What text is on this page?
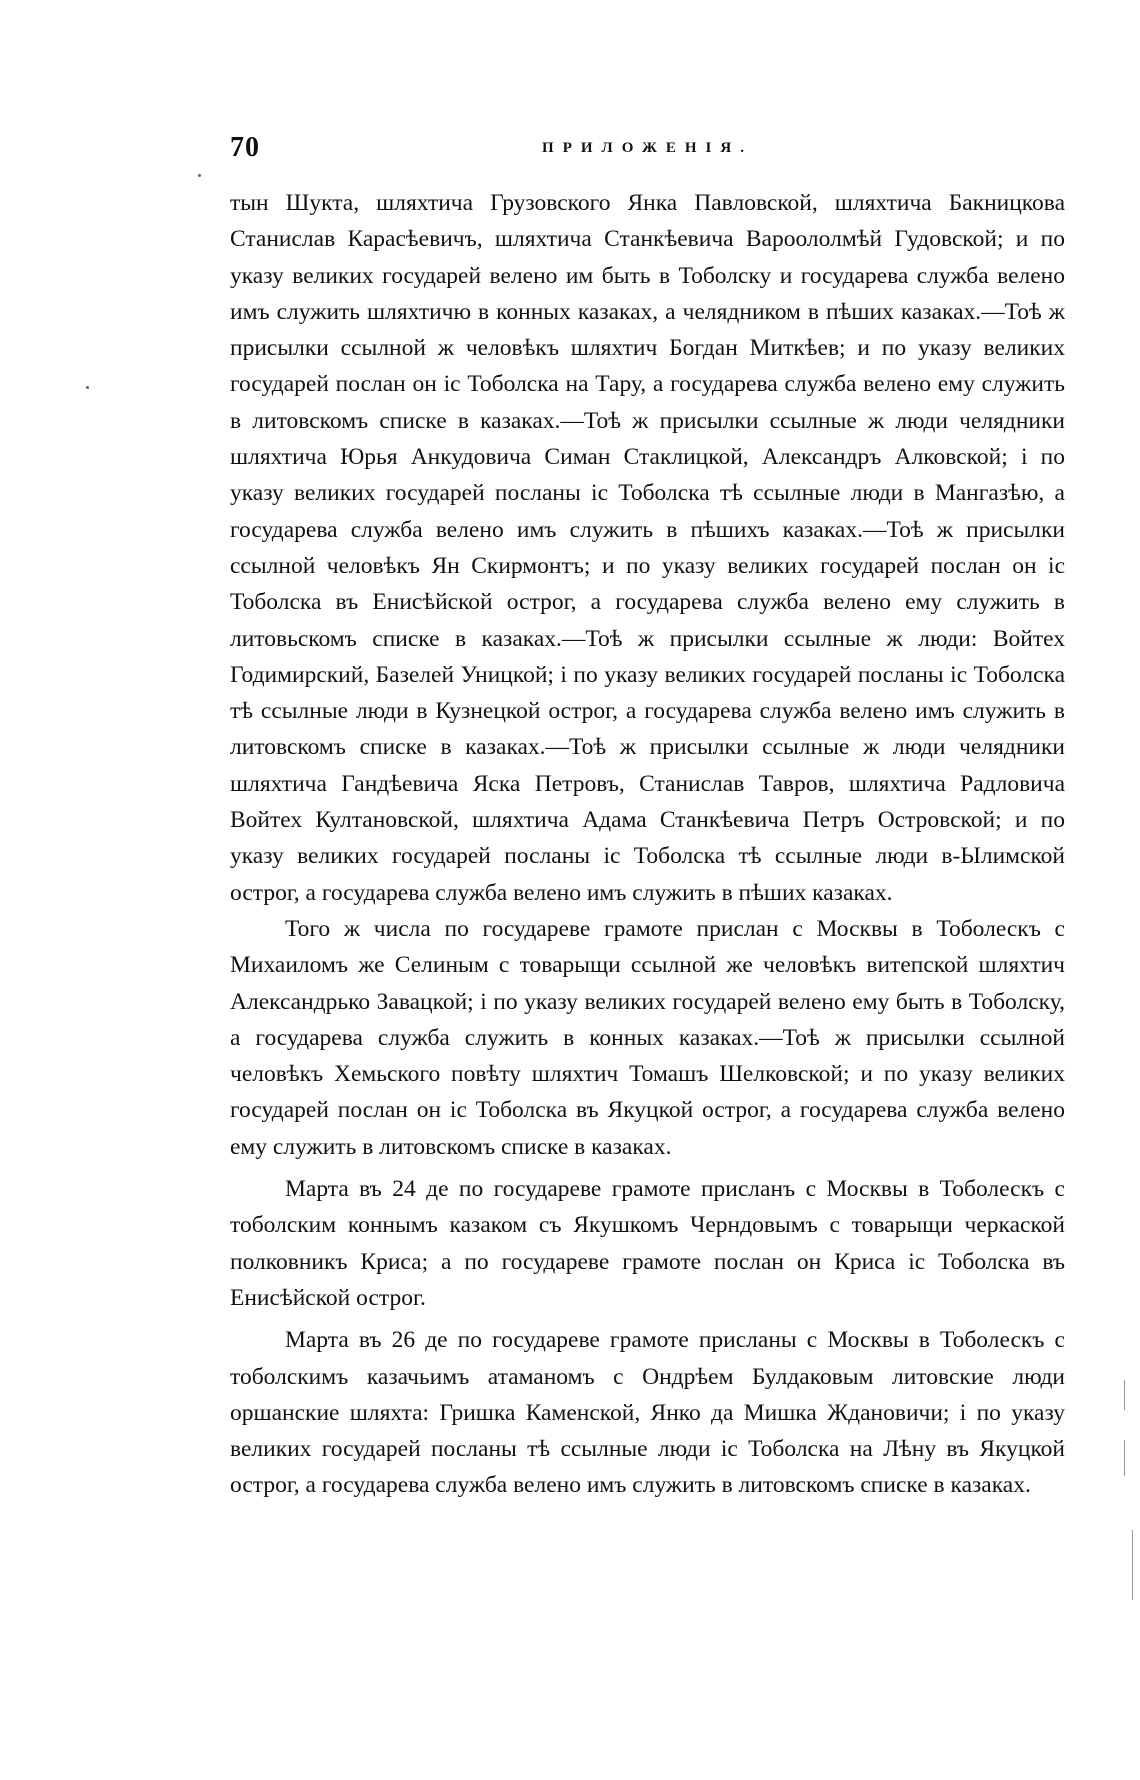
70	ПРИЛОЖЕНІЯ.

тын Шукта, шляхтича Грузовского Янка Павловской, шляхтича Бакницкова Станислав Карасѣевичъ, шляхтича Станкѣевича Вароололмѣй Гудовской; и по указу великих государей велено им быть в Тоболску и государева служба велено имъ служить шляхтичю в конных казаках, а челядником в пѣших казаках.—Тоѣ ж присылки ссылной ж человѣкъ шляхтич Богдан Миткѣев; и по указу великих государей послан он іс Тоболска на Тару, а государева служба велено ему служить в литовскомъ списке в казаках.—Тоѣ ж присылки ссылные ж люди челядники шляхтича Юрья Анкудовича Симан Стаклицкой, Александръ Алковской; і по указу великих государей посланы іс Тоболска тѣ ссылные люди в Мангазѣю, а государева служба велено имъ служить в пѣшихъ казаках.—Тоѣ ж присылки ссылной человѣкъ Ян Скирмонтъ; и по указу великих государей послан он іс Тоболска въ Енисѣйской острог, а государева служба велено ему служить в литовьскомъ списке в казаках.—Тоѣ ж присылки ссылные ж люди: Войтех Годимирский, Базелей Уницкой; і по указу великих государей посланы іс Тоболска тѣ ссылные люди в Кузнецкой острог, а государева служба велено имъ служить в литовскомъ списке в казаках.—Тоѣ ж присылки ссылные ж люди челядники шляхтича Гандѣевича Яска Петровъ, Станислав Тавров, шляхтича Радловича Войтех Култановской, шляхтича Адама Станкѣевича Петръ Островской; и по указу великих государей посланы іс Тоболска тѣ ссылные люди в-Ылимской острог, а государева служба велено имъ служить в пѣших казаках.

Того ж числа по государеве грамоте прислан с Москвы в Тоболескъ с Михаиломъ же Селиным с товарыщи ссылной же человѣкъ витепской шляхтич Александрько Завацкой; і по указу великих государей велено ему быть в Тоболску, а государева служба служить в конных казаках.—Тоѣ ж присылки ссылной человѣкъ Хемьского повѣту шляхтич Томашъ Шелковской; и по указу великих государей послан он іс Тоболска въ Якуцкой острог, а государева служба велено ему служить в литовскомъ списке в казаках.

Марта въ 24 де по государеве грамоте присланъ с Москвы в Тоболескъ с тоболским коннымъ казаком съ Якушкомъ Черндовымъ с товарыщи черкаской полковникъ Криса; а по государеве грамоте послан он Криса іс Тоболска въ Енисѣйской острог.

Марта въ 26 де по государеве грамоте присланы с Москвы в Тоболескъ с тоболскимъ казачьимъ атаманомъ с Ондрѣем Булдаковым литовские люди оршанские шляхта: Гришка Каменской, Янко да Мишка Ждановичи; і по указу великих государей посланы тѣ ссылные люди іс Тоболска на Лѣну въ Якуцкой острог, а государева служба велено имъ служить в литовскомъ списке в казаках.
